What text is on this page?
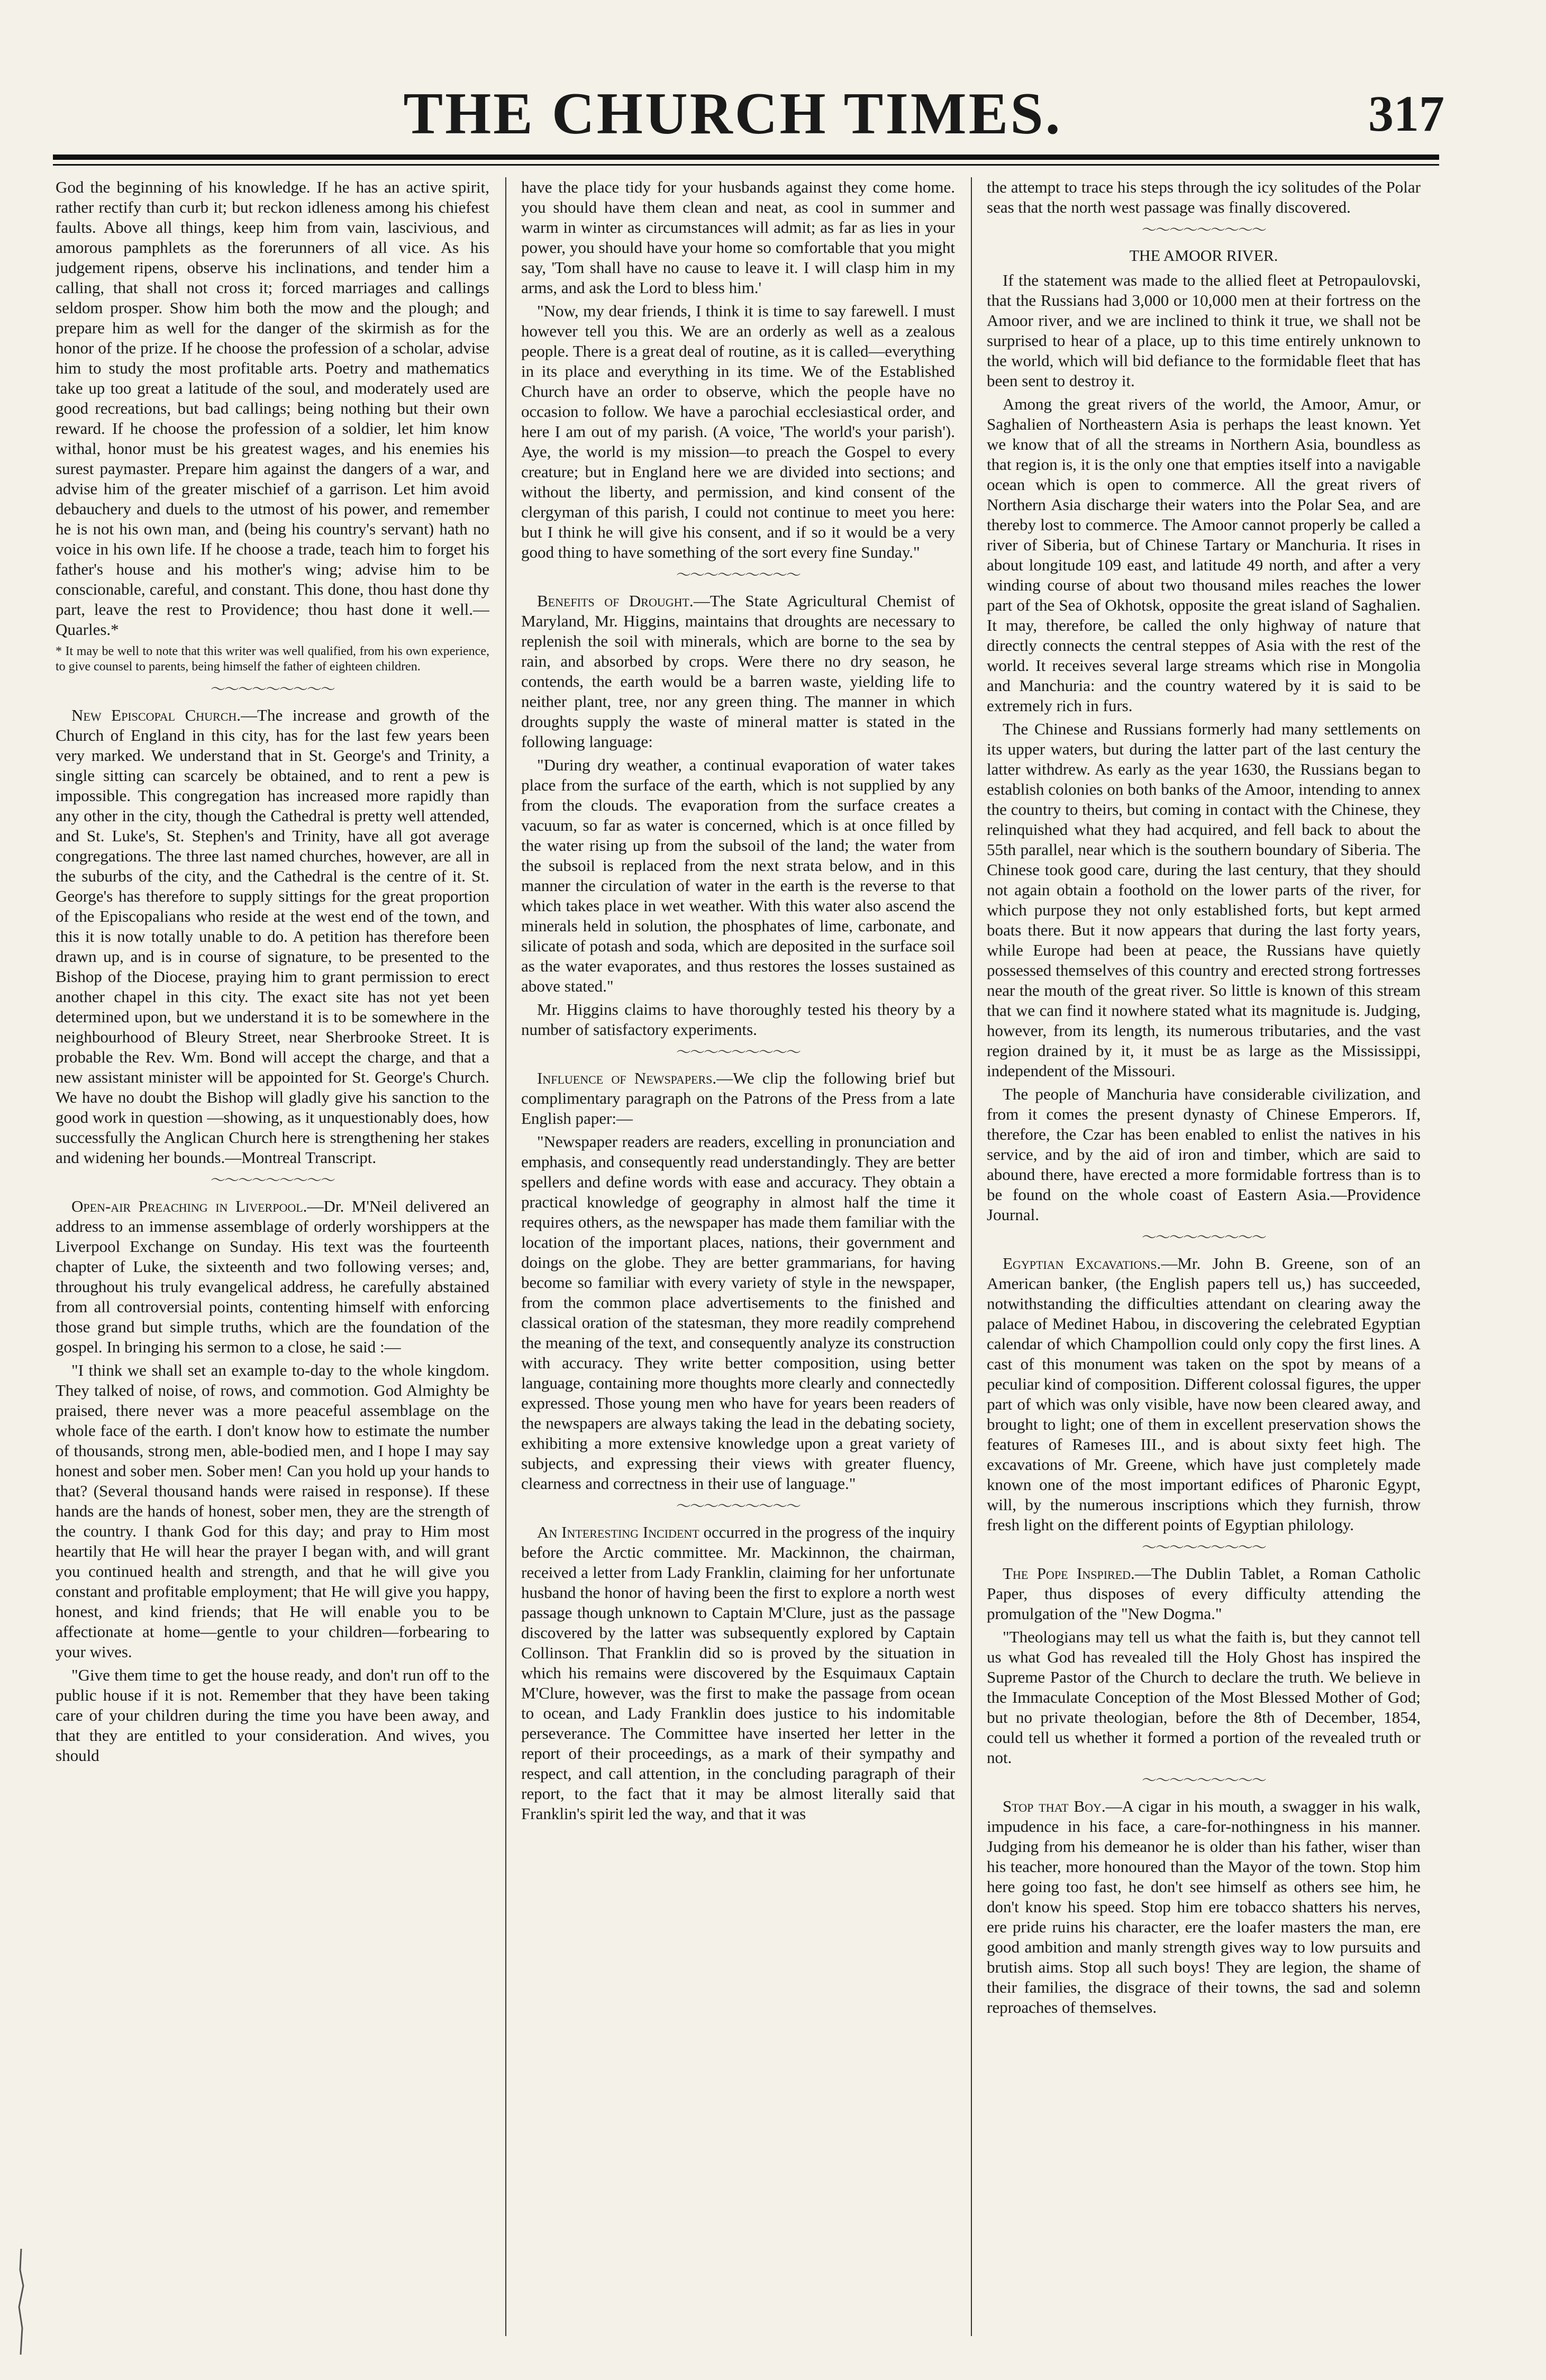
THE CHURCH TIMES.	317

God the beginning of his knowledge. If he has an active spirit, rather rectify than curb it; but reckon idleness among his chiefest faults. Above all things, keep him from vain, lascivious, and amorous pamphlets as the forerunners of all vice. As his judgement ripens, observe his inclinations, and tender him a calling, that shall not cross it; forced marriages and callings seldom prosper. Show him both the mow and the plough; and prepare him as well for the danger of the skirmish as for the honor of the prize. If he choose the profession of a scholar, advise him to study the most profitable arts. Poetry and mathematics take up too great a latitude of the soul, and moderately used are good recreations, but bad callings; being nothing but their own reward. If he choose the profession of a soldier, let him know withal, honor must be his greatest wages, and his enemies his surest paymaster. Prepare him against the dangers of a war, and advise him of the greater mischief of a garrison. Let him avoid debauchery and duels to the utmost of his power, and remember he is not his own man, and (being his country's servant) hath no voice in his own life. If he choose a trade, teach him to forget his father's house and his mother's wing; advise him to be conscionable, careful, and constant. This done, thou hast done thy part, leave the rest to Providence; thou hast done it well.—Quarles.*

* It may be well to note that this writer was well qualified, from his own experience, to give counsel to parents, being himself the father of eighteen children.

〜〜〜〜〜〜〜〜〜

New Episcopal Church.—The increase and growth of the Church of England in this city, has for the last few years been very marked. We understand that in St. George's and Trinity, a single sitting can scarcely be obtained, and to rent a pew is impossible. This congregation has increased more rapidly than any other in the city, though the Cathedral is pretty well attended, and St. Luke's, St. Stephen's and Trinity, have all got average congregations. The three last named churches, however, are all in the suburbs of the city, and the Cathedral is the centre of it. St. George's has therefore to supply sittings for the great proportion of the Episcopalians who reside at the west end of the town, and this it is now totally unable to do. A petition has therefore been drawn up, and is in course of signature, to be presented to the Bishop of the Diocese, praying him to grant permission to erect another chapel in this city. The exact site has not yet been determined upon, but we understand it is to be somewhere in the neighbourhood of Bleury Street, near Sherbrooke Street. It is probable the Rev. Wm. Bond will accept the charge, and that a new assistant minister will be appointed for St. George's Church. We have no doubt the Bishop will gladly give his sanction to the good work in question —showing, as it unquestionably does, how successfully the Anglican Church here is strengthening her stakes and widening her bounds.—Montreal Transcript.

〜〜〜〜〜〜〜〜〜

Open-air Preaching in Liverpool.—Dr. M'Neil delivered an address to an immense assemblage of orderly worshippers at the Liverpool Exchange on Sunday. His text was the fourteenth chapter of Luke, the sixteenth and two following verses; and, throughout his truly evangelical address, he carefully abstained from all controversial points, contenting himself with enforcing those grand but simple truths, which are the foundation of the gospel. In bringing his sermon to a close, he said :—

"I think we shall set an example to-day to the whole kingdom. They talked of noise, of rows, and commotion. God Almighty be praised, there never was a more peaceful assemblage on the whole face of the earth. I don't know how to estimate the number of thousands, strong men, able-bodied men, and I hope I may say honest and sober men. Sober men! Can you hold up your hands to that? (Several thousand hands were raised in response). If these hands are the hands of honest, sober men, they are the strength of the country. I thank God for this day; and pray to Him most heartily that He will hear the prayer I began with, and will grant you continued health and strength, and that he will give you constant and profitable employment; that He will give you happy, honest, and kind friends; that He will enable you to be affectionate at home—gentle to your children—forbearing to your wives.

"Give them time to get the house ready, and don't run off to the public house if it is not. Remember that they have been taking care of your children during the time you have been away, and that they are entitled to your consideration. And wives, you should

have the place tidy for your husbands against they come home. you should have them clean and neat, as cool in summer and warm in winter as circumstances will admit; as far as lies in your power, you should have your home so comfortable that you might say, 'Tom shall have no cause to leave it. I will clasp him in my arms, and ask the Lord to bless him.'

"Now, my dear friends, I think it is time to say farewell. I must however tell you this. We are an orderly as well as a zealous people. There is a great deal of routine, as it is called—everything in its place and everything in its time. We of the Established Church have an order to observe, which the people have no occasion to follow. We have a parochial ecclesiastical order, and here I am out of my parish. (A voice, 'The world's your parish'). Aye, the world is my mission—to preach the Gospel to every creature; but in England here we are divided into sections; and without the liberty, and permission, and kind consent of the clergyman of this parish, I could not continue to meet you here: but I think he will give his consent, and if so it would be a very good thing to have something of the sort every fine Sunday."

〜〜〜〜〜〜〜〜〜

Benefits of Drought.—The State Agricultural Chemist of Maryland, Mr. Higgins, maintains that droughts are necessary to replenish the soil with minerals, which are borne to the sea by rain, and absorbed by crops. Were there no dry season, he contends, the earth would be a barren waste, yielding life to neither plant, tree, nor any green thing. The manner in which droughts supply the waste of mineral matter is stated in the following language:

"During dry weather, a continual evaporation of water takes place from the surface of the earth, which is not supplied by any from the clouds. The evaporation from the surface creates a vacuum, so far as water is concerned, which is at once filled by the water rising up from the subsoil of the land; the water from the subsoil is replaced from the next strata below, and in this manner the circulation of water in the earth is the reverse to that which takes place in wet weather. With this water also ascend the minerals held in solution, the phosphates of lime, carbonate, and silicate of potash and soda, which are deposited in the surface soil as the water evaporates, and thus restores the losses sustained as above stated."

Mr. Higgins claims to have thoroughly tested his theory by a number of satisfactory experiments.

〜〜〜〜〜〜〜〜〜

Influence of Newspapers.—We clip the following brief but complimentary paragraph on the Patrons of the Press from a late English paper:—

"Newspaper readers are readers, excelling in pronunciation and emphasis, and consequently read understandingly. They are better spellers and define words with ease and accuracy. They obtain a practical knowledge of geography in almost half the time it requires others, as the newspaper has made them familiar with the location of the important places, nations, their government and doings on the globe. They are better grammarians, for having become so familiar with every variety of style in the newspaper, from the common place advertisements to the finished and classical oration of the statesman, they more readily comprehend the meaning of the text, and consequently analyze its construction with accuracy. They write better composition, using better language, containing more thoughts more clearly and connectedly expressed. Those young men who have for years been readers of the newspapers are always taking the lead in the debating society, exhibiting a more extensive knowledge upon a great variety of subjects, and expressing their views with greater fluency, clearness and correctness in their use of language."

〜〜〜〜〜〜〜〜〜

An Interesting Incident occurred in the progress of the inquiry before the Arctic committee. Mr. Mackinnon, the chairman, received a letter from Lady Franklin, claiming for her unfortunate husband the honor of having been the first to explore a north west passage though unknown to Captain M'Clure, just as the passage discovered by the latter was subsequently explored by Captain Collinson. That Franklin did so is proved by the situation in which his remains were discovered by the Esquimaux Captain M'Clure, however, was the first to make the passage from ocean to ocean, and Lady Franklin does justice to his indomitable perseverance. The Committee have inserted her letter in the report of their proceedings, as a mark of their sympathy and respect, and call attention, in the concluding paragraph of their report, to the fact that it may be almost literally said that Franklin's spirit led the way, and that it was

the attempt to trace his steps through the icy solitudes of the Polar seas that the north west passage was finally discovered.

〜〜〜〜〜〜〜〜〜

THE AMOOR RIVER.

If the statement was made to the allied fleet at Petropaulovski, that the Russians had 3,000 or 10,000 men at their fortress on the Amoor river, and we are inclined to think it true, we shall not be surprised to hear of a place, up to this time entirely unknown to the world, which will bid defiance to the formidable fleet that has been sent to destroy it.

Among the great rivers of the world, the Amoor, Amur, or Saghalien of Northeastern Asia is perhaps the least known. Yet we know that of all the streams in Northern Asia, boundless as that region is, it is the only one that empties itself into a navigable ocean which is open to commerce. All the great rivers of Northern Asia discharge their waters into the Polar Sea, and are thereby lost to commerce. The Amoor cannot properly be called a river of Siberia, but of Chinese Tartary or Manchuria. It rises in about longitude 109 east, and latitude 49 north, and after a very winding course of about two thousand miles reaches the lower part of the Sea of Okhotsk, opposite the great island of Saghalien. It may, therefore, be called the only highway of nature that directly connects the central steppes of Asia with the rest of the world. It receives several large streams which rise in Mongolia and Manchuria: and the country watered by it is said to be extremely rich in furs.

The Chinese and Russians formerly had many settlements on its upper waters, but during the latter part of the last century the latter withdrew. As early as the year 1630, the Russians began to establish colonies on both banks of the Amoor, intending to annex the country to theirs, but coming in contact with the Chinese, they relinquished what they had acquired, and fell back to about the 55th parallel, near which is the southern boundary of Siberia. The Chinese took good care, during the last century, that they should not again obtain a foothold on the lower parts of the river, for which purpose they not only established forts, but kept armed boats there. But it now appears that during the last forty years, while Europe had been at peace, the Russians have quietly possessed themselves of this country and erected strong fortresses near the mouth of the great river. So little is known of this stream that we can find it nowhere stated what its magnitude is. Judging, however, from its length, its numerous tributaries, and the vast region drained by it, it must be as large as the Mississippi, independent of the Missouri.

The people of Manchuria have considerable civilization, and from it comes the present dynasty of Chinese Emperors. If, therefore, the Czar has been enabled to enlist the natives in his service, and by the aid of iron and timber, which are said to abound there, have erected a more formidable fortress than is to be found on the whole coast of Eastern Asia.—Providence Journal.

〜〜〜〜〜〜〜〜〜

Egyptian Excavations.—Mr. John B. Greene, son of an American banker, (the English papers tell us,) has succeeded, notwithstanding the difficulties attendant on clearing away the palace of Medinet Habou, in discovering the celebrated Egyptian calendar of which Champollion could only copy the first lines. A cast of this monument was taken on the spot by means of a peculiar kind of composition. Different colossal figures, the upper part of which was only visible, have now been cleared away, and brought to light; one of them in excellent preservation shows the features of Rameses III., and is about sixty feet high. The excavations of Mr. Greene, which have just completely made known one of the most important edifices of Pharonic Egypt, will, by the numerous inscriptions which they furnish, throw fresh light on the different points of Egyptian philology.

〜〜〜〜〜〜〜〜〜

The Pope Inspired.—The Dublin Tablet, a Roman Catholic Paper, thus disposes of every difficulty attending the promulgation of the "New Dogma."

"Theologians may tell us what the faith is, but they cannot tell us what God has revealed till the Holy Ghost has inspired the Supreme Pastor of the Church to declare the truth. We believe in the Immaculate Conception of the Most Blessed Mother of God; but no private theologian, before the 8th of December, 1854, could tell us whether it formed a portion of the revealed truth or not.

〜〜〜〜〜〜〜〜〜

Stop that Boy.—A cigar in his mouth, a swagger in his walk, impudence in his face, a care-for-nothingness in his manner. Judging from his demeanor he is older than his father, wiser than his teacher, more honoured than the Mayor of the town. Stop him here going too fast, he don't see himself as others see him, he don't know his speed. Stop him ere tobacco shatters his nerves, ere pride ruins his character, ere the loafer masters the man, ere good ambition and manly strength gives way to low pursuits and brutish aims. Stop all such boys! They are legion, the shame of their families, the disgrace of their towns, the sad and solemn reproaches of themselves.
